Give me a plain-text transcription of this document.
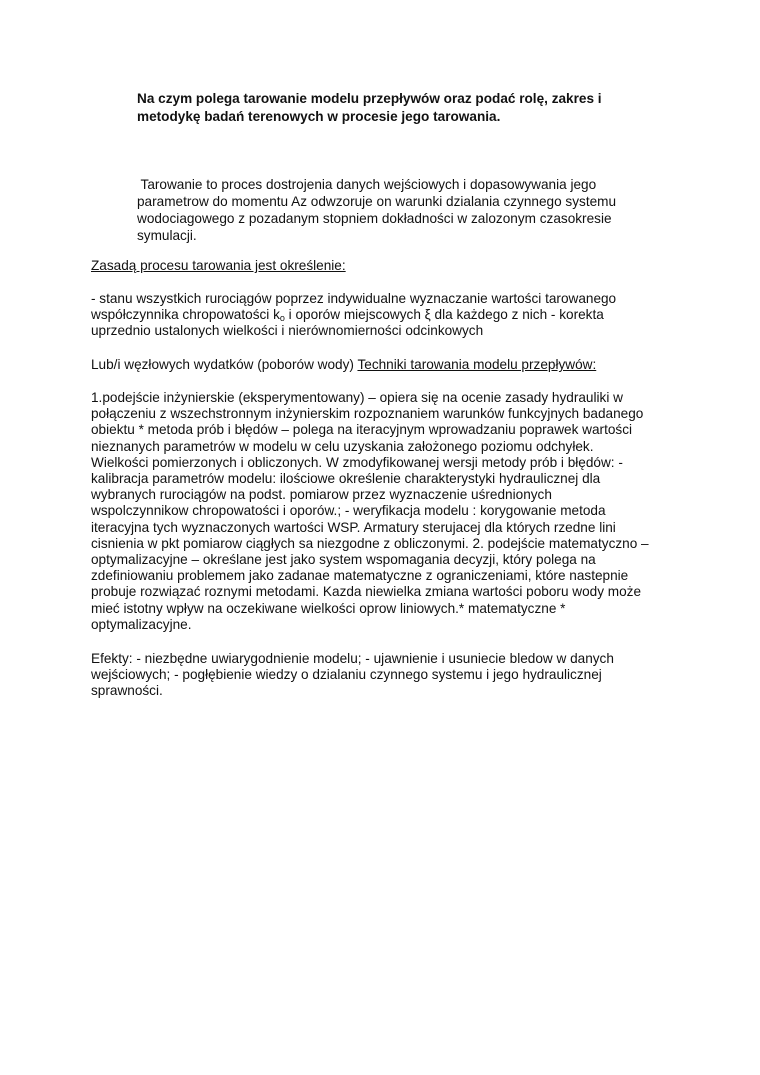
Na czym polega tarowanie modelu przepływów oraz podać rolę, zakres i
metodykę badań terenowych w procesie jego tarowania.

Tarowanie to proces dostrojenia danych wejściowych i dopasowywania jego
parametrow do momentu Az odwzoruje on warunki dzialania czynnego systemu
wodociagowego z pozadanym stopniem dokładności w zalozonym czasokresie
symulacji.

Zasadą procesu tarowania jest określenie:

- stanu wszystkich rurociągów poprzez indywidualne wyznaczanie wartości tarowanego
współczynnika chropowatości $k_o$ i oporów miejscowych ξ dla każdego z nich - korekta
uprzednio ustalonych wielkości i nierównomierności odcinkowych

Lub/i węzłowych wydatków (poborów wody) Techniki tarowania modelu przepływów:

1.podejście inżynierskie (eksperymentowany) – opiera się na ocenie zasady hydrauliki w
połączeniu z wszechstronnym inżynierskim rozpoznaniem warunków funkcyjnych badanego
obiektu * metoda prób i błędów – polega na iteracyjnym wprowadzaniu poprawek wartości
nieznanych parametrów w modelu w celu uzyskania założonego poziomu odchyłek.
Wielkości pomierzonych i obliczonych. W zmodyfikowanej wersji metody prób i błędów: -
kalibracja parametrów modelu: ilościowe określenie charakterystyki hydraulicznej dla
wybranych rurociągów na podst. pomiarow przez wyznaczenie uśrednionych
wspolczynnikow chropowatości i oporów.; - weryfikacja modelu : korygowanie metoda
iteracyjna tych wyznaczonych wartości WSP. Armatury sterujacej dla których rzedne lini
cisnienia w pkt pomiarow ciągłych sa niezgodne z obliczonymi. 2. podejście matematyczno –
optymalizacyjne – określane jest jako system wspomagania decyzji, który polega na
zdefiniowaniu problemem jako zadanae matematyczne z ograniczeniami, które nastepnie
probuje rozwiązać roznymi metodami. Kazda niewielka zmiana wartości poboru wody może
mieć istotny wpływ na oczekiwane wielkości oprow liniowych.* matematyczne *
optymalizacyjne.

Efekty: - niezbędne uwiarygodnienie modelu; - ujawnienie i usuniecie bledow w danych
wejściowych; - pogłębienie wiedzy o dzialaniu czynnego systemu i jego hydraulicznej
sprawności.
